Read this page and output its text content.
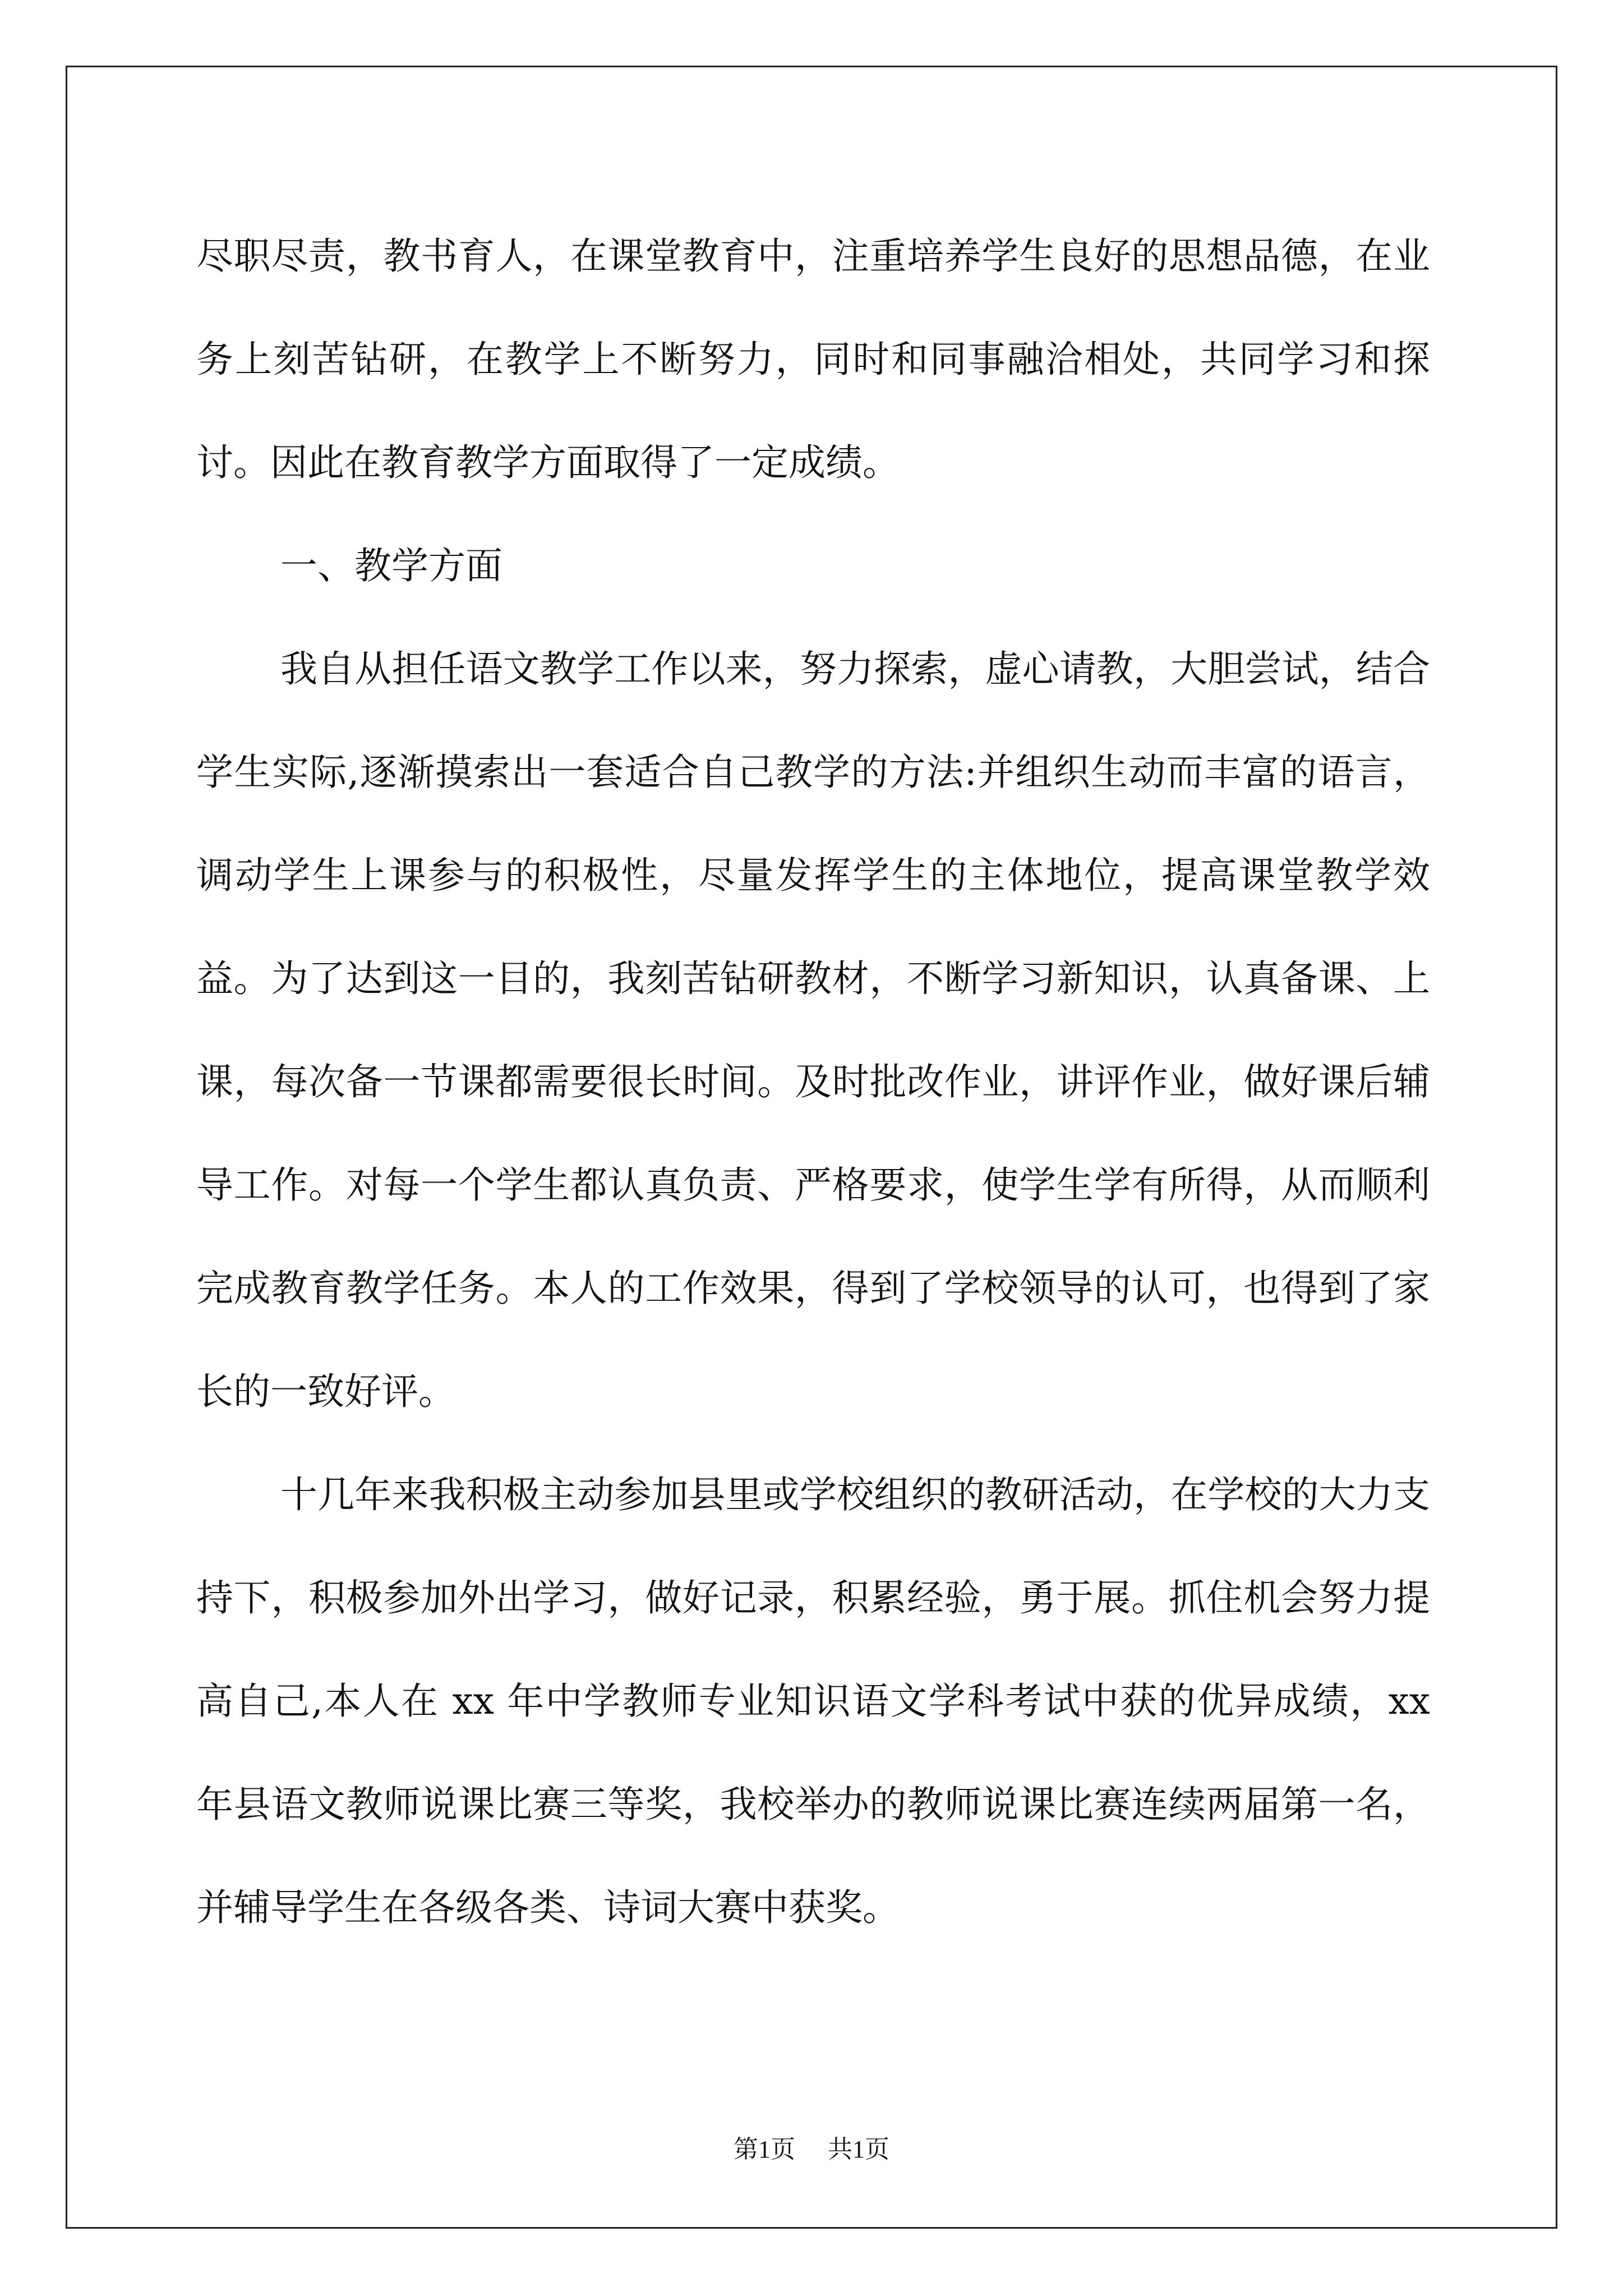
尽职尽责，教书育人，在课堂教育中，注重培养学生良好的思想品德，在业务上刻苦钻研，在教学上不断努力，同时和同事融洽相处，共同学习和探讨。因此在教育教学方面取得了一定成绩。

一、教学方面

我自从担任语文教学工作以来，努力探索，虚心请教，大胆尝试，结合学生实际,逐渐摸索出一套适合自己教学的方法:并组织生动而丰富的语言，调动学生上课参与的积极性，尽量发挥学生的主体地位，提高课堂教学效益。为了达到这一目的，我刻苦钻研教材，不断学习新知识，认真备课、上课，每次备一节课都需要很长时间。及时批改作业，讲评作业，做好课后辅导工作。对每一个学生都认真负责、严格要求，使学生学有所得，从而顺利完成教育教学任务。本人的工作效果，得到了学校领导的认可，也得到了家长的一致好评。

十几年来我积极主动参加县里或学校组织的教研活动，在学校的大力支持下，积极参加外出学习，做好记录，积累经验，勇于展。抓住机会努力提高自己,本人在 xx 年中学教师专业知识语文学科考试中获的优异成绩，xx 年县语文教师说课比赛三等奖，我校举办的教师说课比赛连续两届第一名，并辅导学生在各级各类、诗词大赛中获奖。

第1页 共1页
